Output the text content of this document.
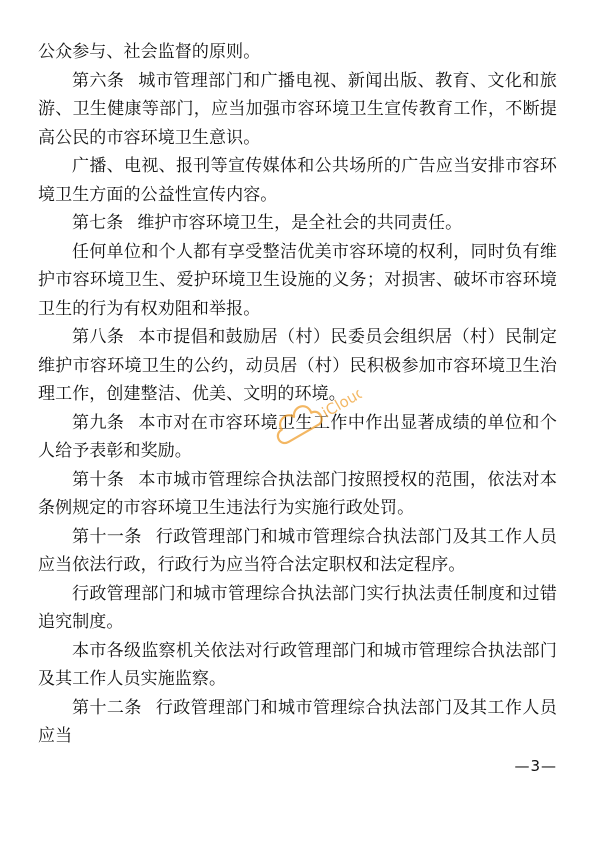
公众参与、社会监督的原则。

第六条 城市管理部门和广播电视、新闻出版、教育、文化和旅游、卫生健康等部门，应当加强市容环境卫生宣传教育工作，不断提高公民的市容环境卫生意识。

广播、电视、报刊等宣传媒体和公共场所的广告应当安排市容环境卫生方面的公益性宣传内容。

第七条 维护市容环境卫生，是全社会的共同责任。

任何单位和个人都有享受整洁优美市容环境的权利，同时负有维护市容环境卫生、爱护环境卫生设施的义务；对损害、破坏市容环境卫生的行为有权劝阻和举报。

第八条 本市提倡和鼓励居（村）民委员会组织居（村）民制定维护市容环境卫生的公约，动员居（村）民积极参加市容环境卫生治理工作，创建整洁、优美、文明的环境。

第九条 本市对在市容环境卫生工作中作出显著成绩的单位和个人给予表彰和奖励。

第十条 本市城市管理综合执法部门按照授权的范围，依法对本条例规定的市容环境卫生违法行为实施行政处罚。

第十一条 行政管理部门和城市管理综合执法部门及其工作人员应当依法行政，行政行为应当符合法定职权和法定程序。

行政管理部门和城市管理综合执法部门实行执法责任制度和过错追究制度。

本市各级监察机关依法对行政管理部门和城市管理综合执法部门及其工作人员实施监察。

第十二条 行政管理部门和城市管理综合执法部门及其工作人员应当

—3—
iCloud
